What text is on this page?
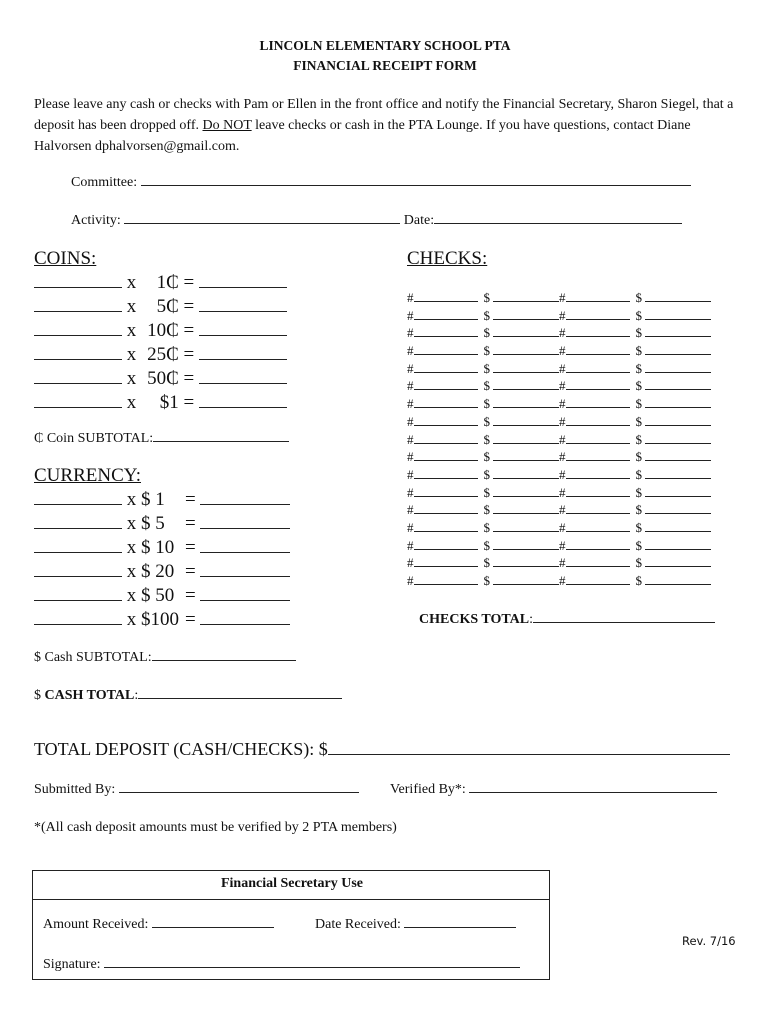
LINCOLN ELEMENTARY SCHOOL PTA
FINANCIAL RECEIPT FORM
Please leave any cash or checks with Pam or Ellen in the front office and notify the Financial Secretary, Sharon Siegel, that a deposit has been dropped off. Do NOT leave checks or cash in the PTA Lounge. If you have questions, contact Diane Halvorsen dphalvorsen@gmail.com.
Committee:
Activity:	Date:
COINS:
x 1₵ =
x 5₵ =
x 10₵ =
x 25₵ =
x 50₵ =
x $1 =
₵ Coin SUBTOTAL:
CURRENCY:
x $ 1 =
x $ 5 =
x $ 10 =
x $ 20 =
x $ 50 =
x $100 =
$ Cash SUBTOTAL:
$ CASH TOTAL:
CHECKS:
#	$	#	$
#	$	#	$
#	$	#	$
#	$	#	$
#	$	#	$
#	$	#	$
#	$	#	$
#	$	#	$
#	$	#	$
#	$	#	$
#	$	#	$
#	$	#	$
#	$	#	$
#	$	#	$
#	$	#	$
#	$	#	$
#	$	#	$
CHECKS TOTAL:
TOTAL DEPOSIT (CASH/CHECKS): $
Submitted By:	Verified By*:
*(All cash deposit amounts must be verified by 2 PTA members)
Financial Secretary Use
Amount Received:	Date Received:
Signature:
Rev. 7/16
